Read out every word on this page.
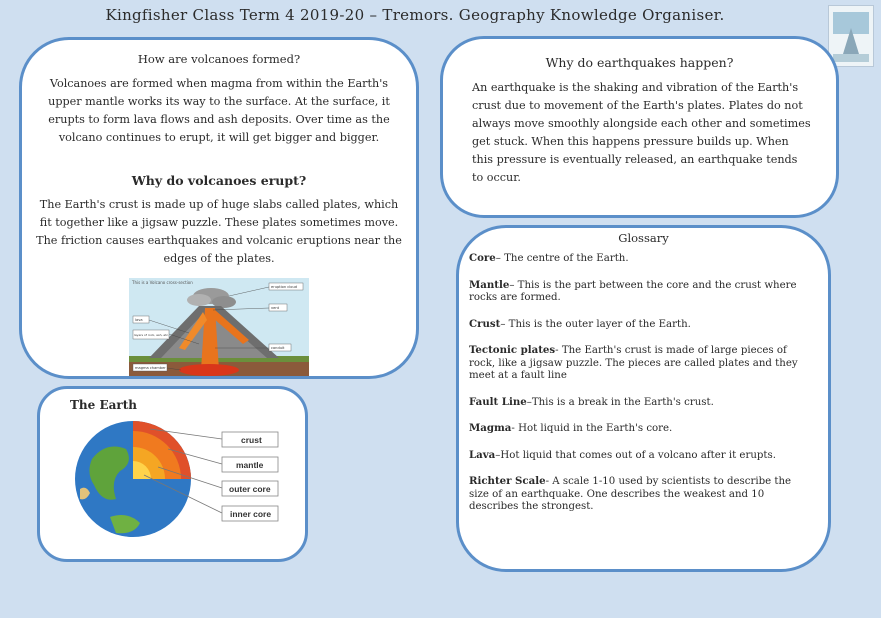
Kingfisher Class Term 4 2019-20 – Tremors. Geography Knowledge Organiser.
How are volcanoes formed?

Volcanoes are formed when magma from within the Earth's upper mantle works its way to the surface. At the surface, it erupts to form lava flows and ash deposits. Over time as the volcano continues to erupt, it will get bigger and bigger.

Why do volcanoes erupt?

The Earth's crust is made up of huge slabs called plates, which fit together like a jigsaw puzzle. These plates sometimes move. The friction causes earthquakes and volcanic eruptions near the edges of the plates.

This is a Volcano cross-section
eruption cloud
vent
lava
layers of rock, ash, etc.
conduit
magma chamber
Why do earthquakes happen?

An earthquake is the shaking and vibration of the Earth's crust due to movement of the Earth's plates. Plates do not always move smoothly alongside each other and sometimes get stuck. When this happens pressure builds up. When this pressure is eventually released, an earthquake tends to occur.

Glossary
Core– The centre of the Earth.
Mantle– This is the part between the core and the crust where rocks are formed.
Crust– This is the outer layer of the Earth.
Tectonic plates- The Earth's crust is made of large pieces of rock, like a jigsaw puzzle. The pieces are called plates and they meet at a fault line
Fault Line–This is a break in the Earth's crust.
Magma- Hot liquid in the Earth's core.
Lava–Hot liquid that comes out of a volcano after it erupts.
Richter Scale- A scale 1-10 used by scientists to describe the size of an earthquake. One describes the weakest and 10 describes the strongest.
The Earth
crust
mantle
outer core
inner core
